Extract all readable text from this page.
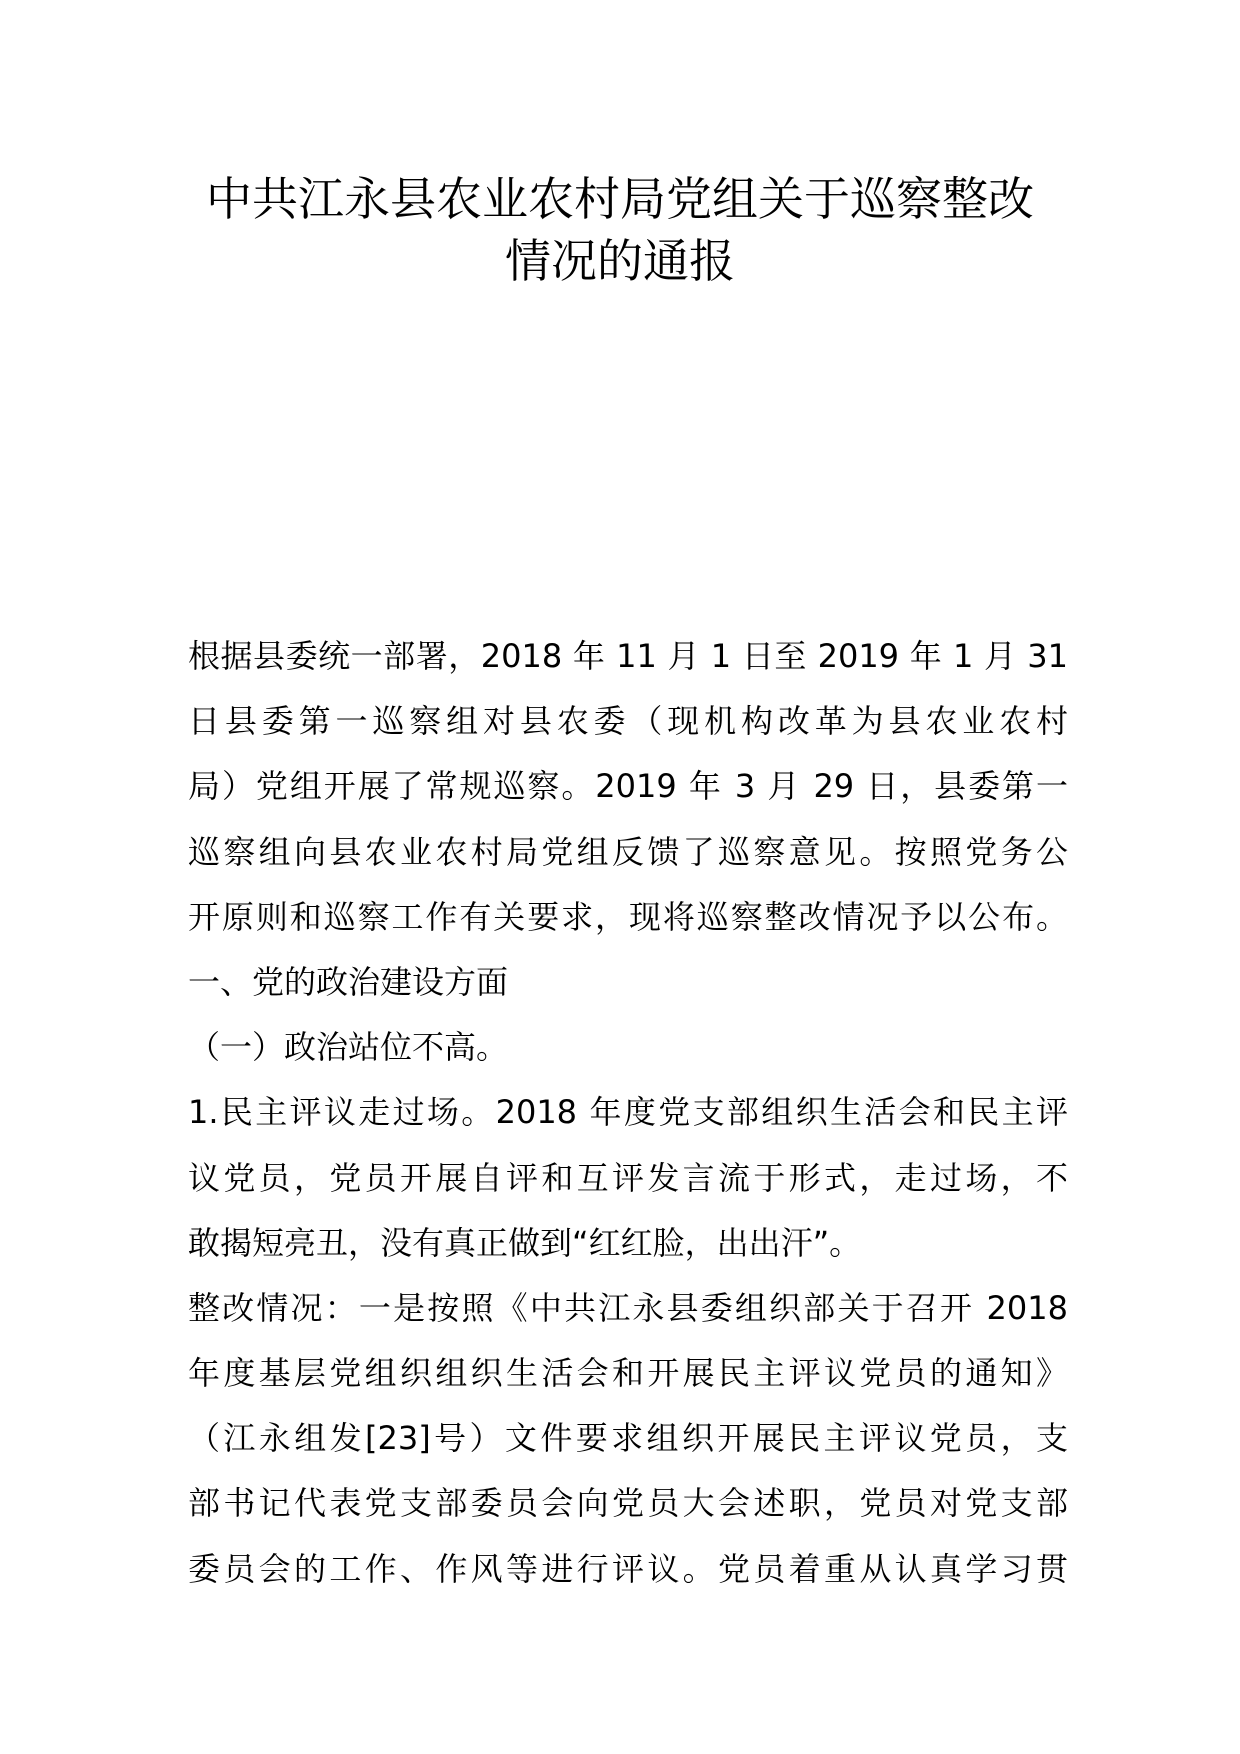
中共江永县农业农村局党组关于巡察整改
情况的通报
根据县委统一部署，2018 年 11 月 1 日至 2019 年 1 月 31
日县委第一巡察组对县农委（现机构改革为县农业农村
局）党组开展了常规巡察。2019 年 3 月 29 日，县委第一
巡察组向县农业农村局党组反馈了巡察意见。按照党务公
开原则和巡察工作有关要求，现将巡察整改情况予以公布。
一、党的政治建设方面
（一）政治站位不高。
1.民主评议走过场。2018 年度党支部组织生活会和民主评
议党员，党员开展自评和互评发言流于形式，走过场，不
敢揭短亮丑，没有真正做到“红红脸，出出汗”。
整改情况：一是按照《中共江永县委组织部关于召开 2018
年度基层党组织组织生活会和开展民主评议党员的通知》
（江永组发[23]号）文件要求组织开展民主评议党员，支
部书记代表党支部委员会向党员大会述职，党员对党支部
委员会的工作、作风等进行评议。党员着重从认真学习贯
